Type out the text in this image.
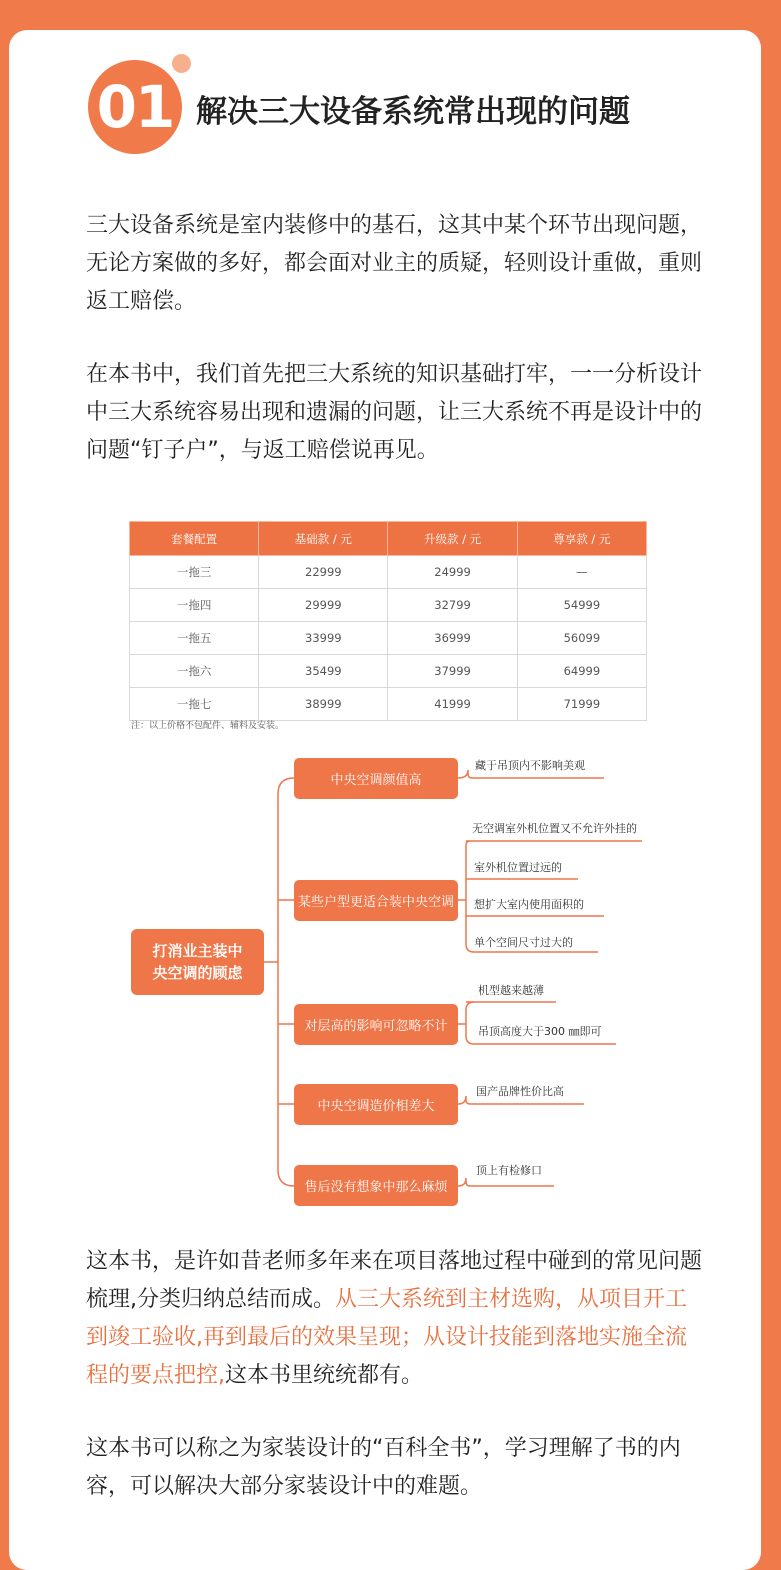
01 解决三大设备系统常出现的问题

三大设备系统是室内装修中的基石，这其中某个环节出现问题，无论方案做的多好，都会面对业主的质疑，轻则设计重做，重则返工赔偿。

在本书中，我们首先把三大系统的知识基础打牢，一一分析设计中三大系统容易出现和遗漏的问题，让三大系统不再是设计中的问题“钉子户”，与返工赔偿说再见。

套餐配置	基础款 / 元	升级款 / 元	尊享款 / 元
一拖三	22999	24999	—
一拖四	29999	32799	54999
一拖五	33999	36999	56099
一拖六	35499	37999	64999
一拖七	38999	41999	71999
注：以上价格不包配件、辅料及安装。
打消业主装中
央空调的顾虑
中央空调颜值高
某些户型更适合装中央空调
对层高的影响可忽略不计
中央空调造价相差大
售后没有想象中那么麻烦
藏于吊顶内不影响美观
无空调室外机位置又不允许外挂的
室外机位置过远的
想扩大室内使用面积的
单个空间尺寸过大的
机型越来越薄
吊顶高度大于300 ㎜即可
国产品牌性价比高
顶上有检修口

这本书，是许如昔老师多年来在项目落地过程中碰到的常见问题梳理,分类归纳总结而成。从三大系统到主材选购，从项目开工到竣工验收,再到最后的效果呈现；从设计技能到落地实施全流程的要点把控,这本书里统统都有。

这本书可以称之为家装设计的“百科全书”，学习理解了书的内容，可以解决大部分家装设计中的难题。
